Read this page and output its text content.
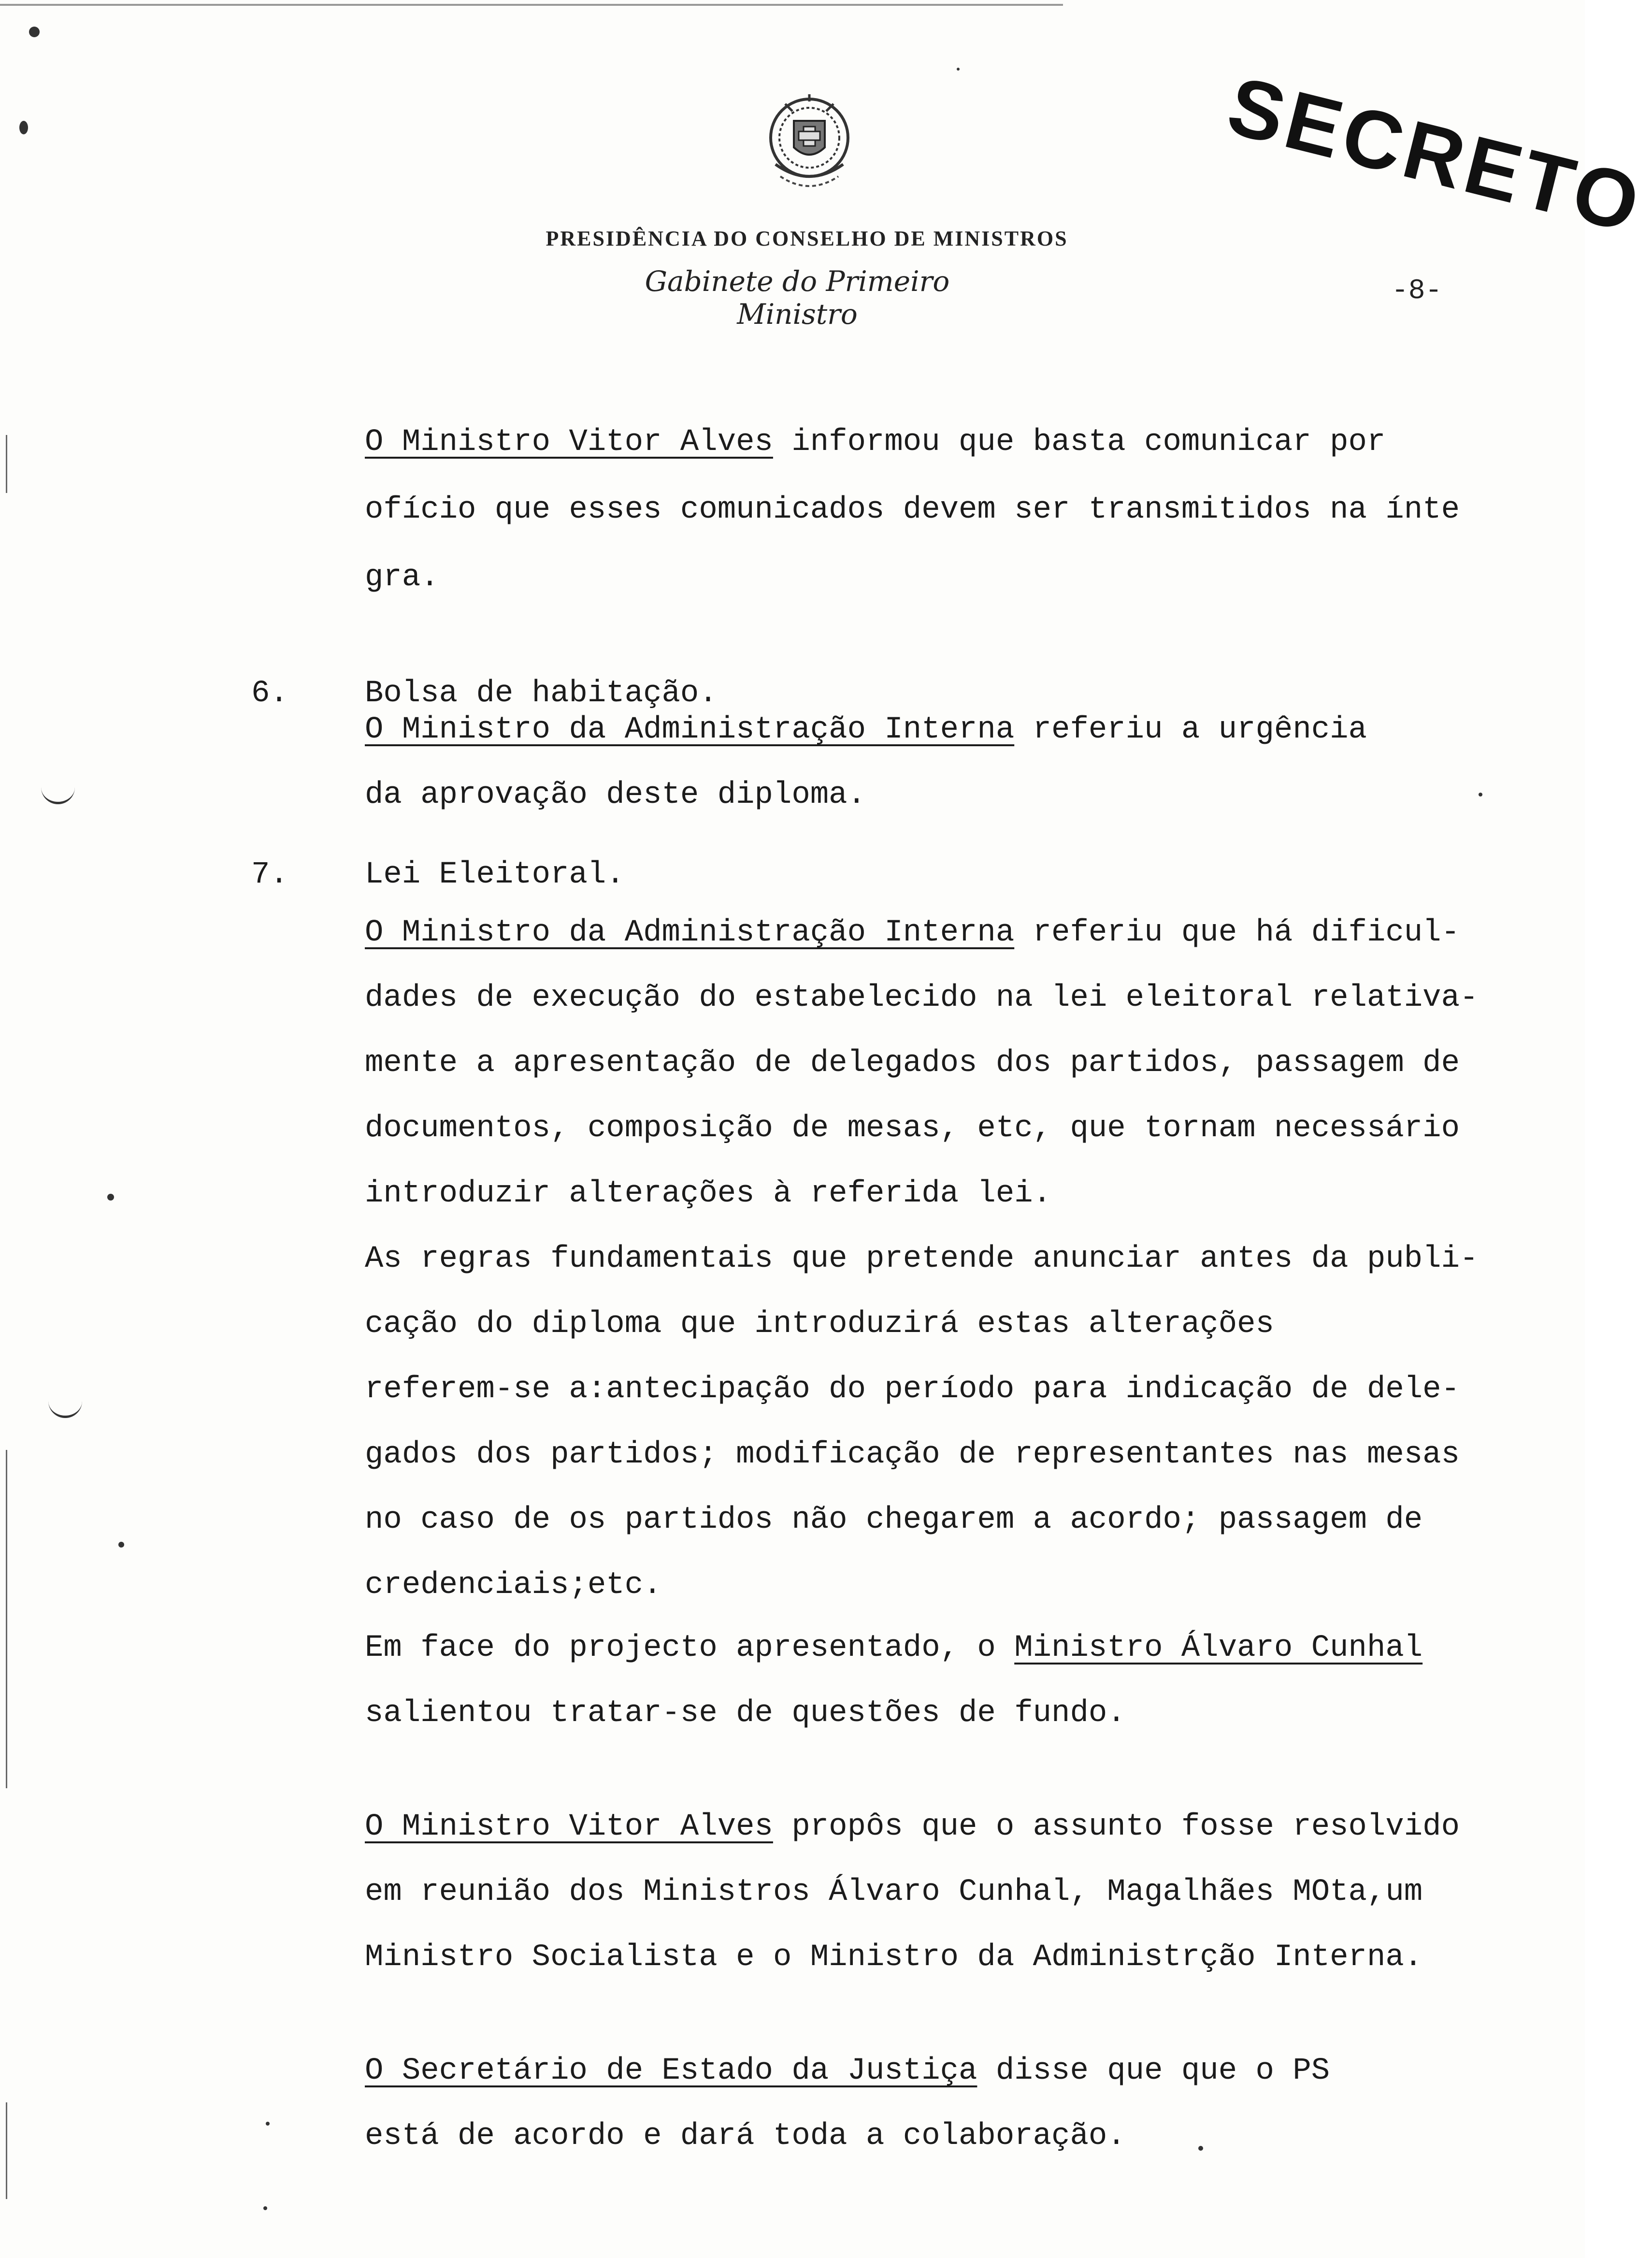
SECRETO
PRESIDÊNCIA DO CONSELHO DE MINISTROS
Gabinete do Primeiro Ministro
-8-
O Ministro Vitor Alves informou que basta comunicar por
ofício que esses comunicados devem ser transmitidos na ínte
gra.
6. Bolsa de habitação.
O Ministro da Administração Interna referiu a urgência
da aprovação deste diploma.
7. Lei Eleitoral.
O Ministro da Administração Interna referiu que há dificul-
dades de execução do estabelecido na lei eleitoral relativa-
mente a apresentação de delegados dos partidos, passagem de
documentos, composição de mesas, etc, que tornam necessário
introduzir alterações à referida lei.
As regras fundamentais que pretende anunciar antes da publi-
cação do diploma que introduzirá estas alterações
referem-se a:antecipação do período para indicação de dele-
gados dos partidos; modificação de representantes nas mesas
no caso de os partidos não chegarem a acordo; passagem de
credenciais;etc.
Em face do projecto apresentado, o Ministro Álvaro Cunhal
salientou tratar-se de questões de fundo.
O Ministro Vitor Alves propôs que o assunto fosse resolvido
em reunião dos Ministros Álvaro Cunhal, Magalhães MOta,um
Ministro Socialista e o Ministro da Administrção Interna.
O Secretário de Estado da Justiça disse que que o PS
está de acordo e dará toda a colaboração.
